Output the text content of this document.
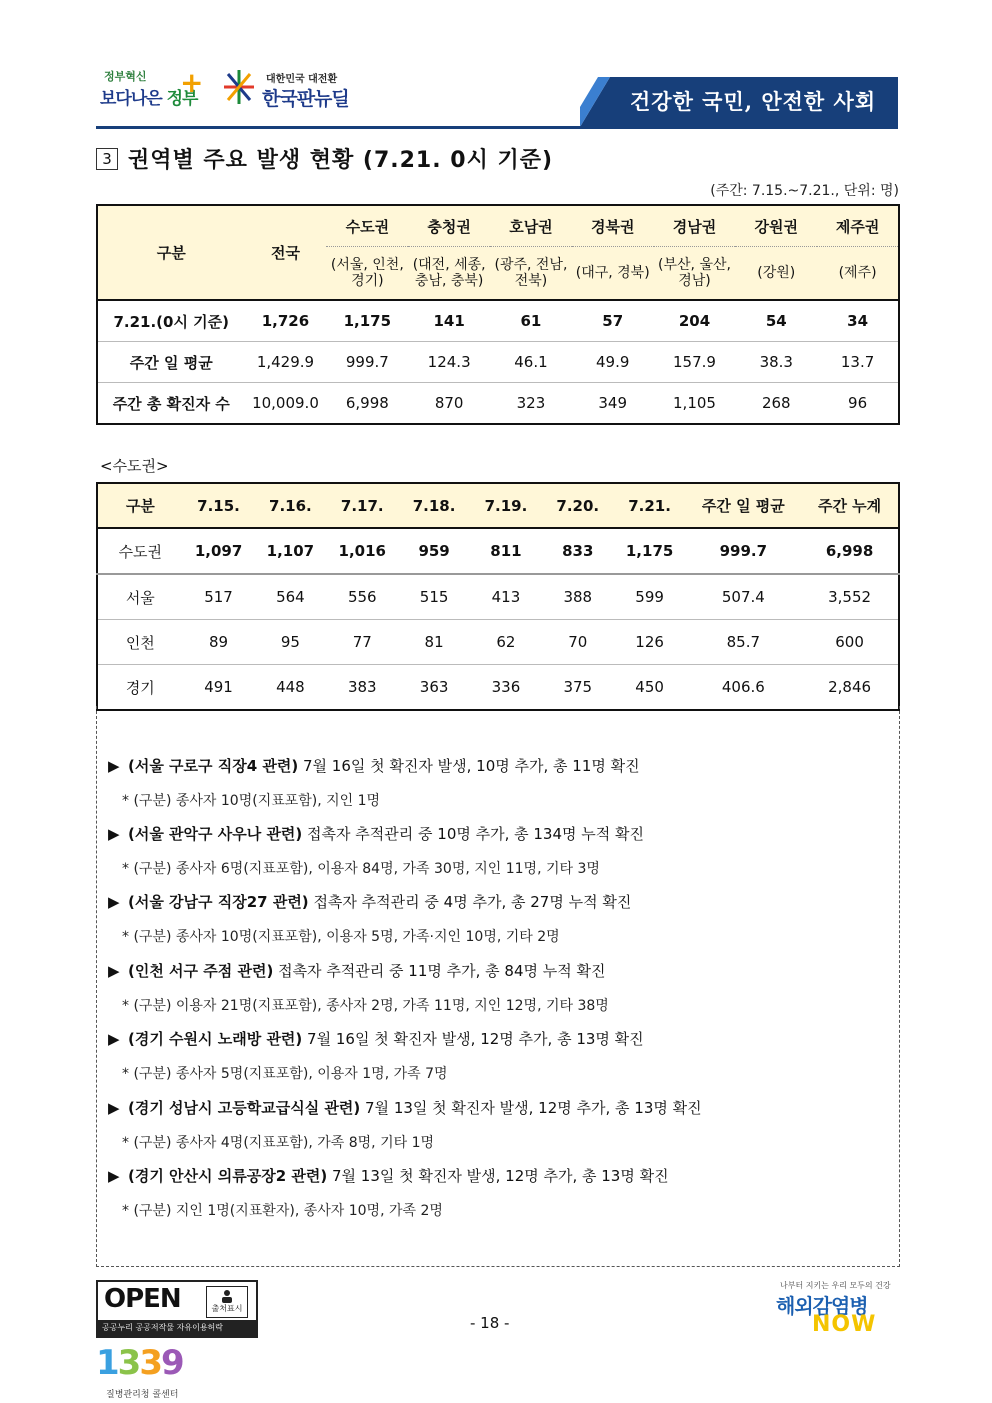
정부혁신
보다나은 정부
+	대한민국 대전환
한국판뉴딜	건강한 국민, 안전한 사회
3 권역별 주요 발생 현황 (7.21. 0시 기준)
(주간: 7.15.~7.21., 단위: 명)
구분	전국	수도권	충청권	호남권	경북권	경남권	강원권	제주권
		(서울, 인천, 경기)	(대전, 세종, 충남, 충북)	(광주, 전남, 전북)	(대구, 경북)	(부산, 울산, 경남)	(강원)	(제주)
7.21.(0시 기준)	1,726	1,175	141	61	57	204	54	34
주간 일 평균	1,429.9	999.7	124.3	46.1	49.9	157.9	38.3	13.7
주간 총 확진자 수	10,009.0	6,998	870	323	349	1,105	268	96
<수도권>
구분	7.15.	7.16.	7.17.	7.18.	7.19.	7.20.	7.21.	주간 일 평균	주간 누계
수도권	1,097	1,107	1,016	959	811	833	1,175	999.7	6,998
서울	517	564	556	515	413	388	599	507.4	3,552
인천	89	95	77	81	62	70	126	85.7	600
경기	491	448	383	363	336	375	450	406.6	2,846
▶ (서울 구로구 직장4 관련) 7월 16일 첫 확진자 발생, 10명 추가, 총 11명 확진
* (구분) 종사자 10명(지표포함), 지인 1명
▶ (서울 관악구 사우나 관련) 접촉자 추적관리 중 10명 추가, 총 134명 누적 확진
* (구분) 종사자 6명(지표포함), 이용자 84명, 가족 30명, 지인 11명, 기타 3명
▶ (서울 강남구 직장27 관련) 접촉자 추적관리 중 4명 추가, 총 27명 누적 확진
* (구분) 종사자 10명(지표포함), 이용자 5명, 가족·지인 10명, 기타 2명
▶ (인천 서구 주점 관련) 접촉자 추적관리 중 11명 추가, 총 84명 누적 확진
* (구분) 이용자 21명(지표포함), 종사자 2명, 가족 11명, 지인 12명, 기타 38명
▶ (경기 수원시 노래방 관련) 7월 16일 첫 확진자 발생, 12명 추가, 총 13명 확진
* (구분) 종사자 5명(지표포함), 이용자 1명, 가족 7명
▶ (경기 성남시 고등학교급식실 관련) 7월 13일 첫 확진자 발생, 12명 추가, 총 13명 확진
* (구분) 종사자 4명(지표포함), 가족 8명, 기타 1명
▶ (경기 안산시 의류공장2 관련) 7월 13일 첫 확진자 발생, 12명 추가, 총 13명 확진
* (구분) 지인 1명(지표환자), 종사자 10명, 가족 2명
OPEN	출처표시
공공누리 공공저작물 자유이용허락	- 18 -
나부터 지키는 우리 모두의 건강
해외감염병
NOW
1339
질병관리청 콜센터
